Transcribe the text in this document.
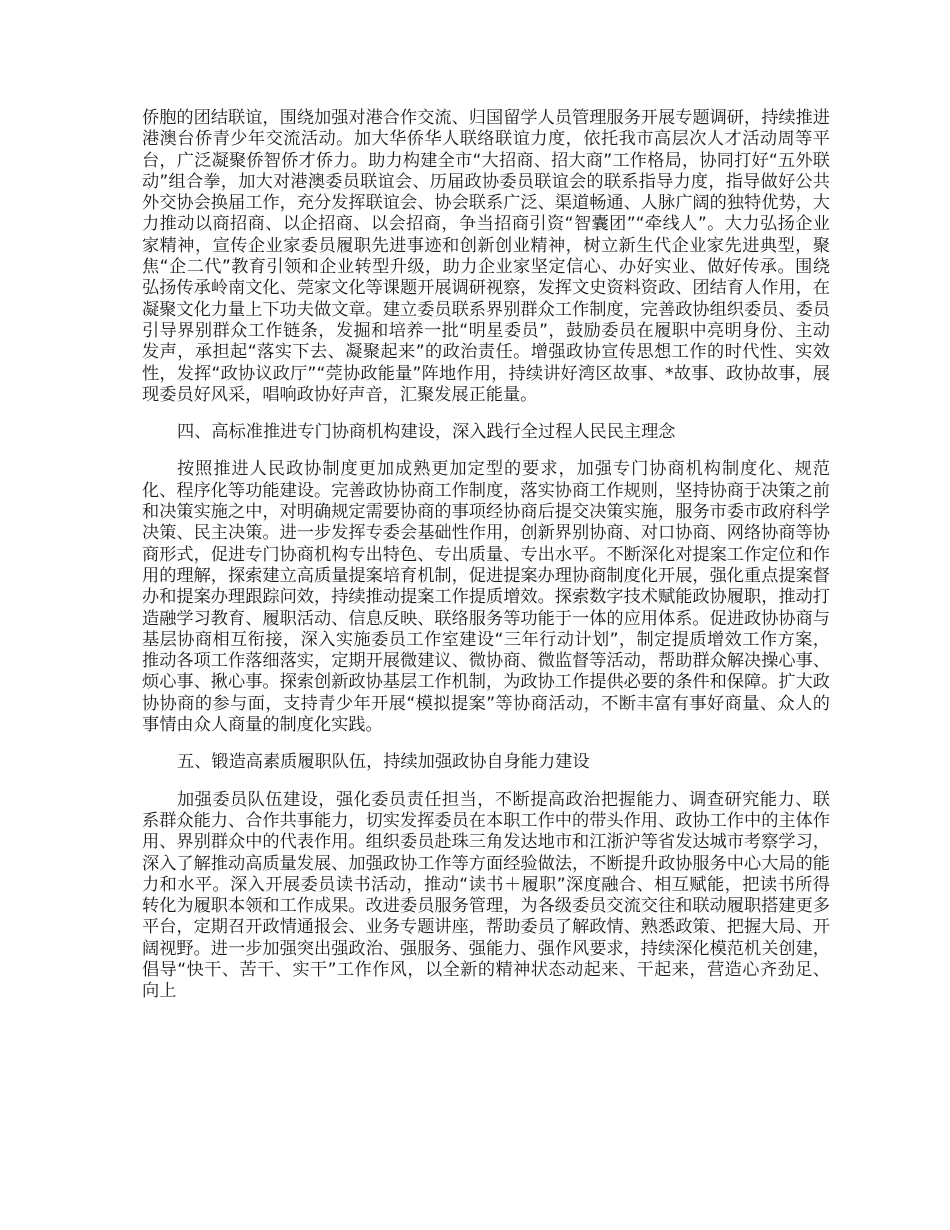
侨胞的团结联谊，围绕加强对港合作交流、归国留学人员管理服务开展专题调研，持续推进港澳台侨青少年交流活动。加大华侨华人联络联谊力度，依托我市高层次人才活动周等平台，广泛凝聚侨智侨才侨力。助力构建全市“大招商、招大商”工作格局，协同打好“五外联动”组合拳，加大对港澳委员联谊会、历届政协委员联谊会的联系指导力度，指导做好公共外交协会换届工作，充分发挥联谊会、协会联系广泛、渠道畅通、人脉广阔的独特优势，大力推动以商招商、以企招商、以会招商，争当招商引资“智囊团”“牵线人”。大力弘扬企业家精神，宣传企业家委员履职先进事迹和创新创业精神，树立新生代企业家先进典型，聚焦“企二代”教育引领和企业转型升级，助力企业家坚定信心、办好实业、做好传承。围绕弘扬传承岭南文化、莞家文化等课题开展调研视察，发挥文史资料资政、团结育人作用，在凝聚文化力量上下功夫做文章。建立委员联系界别群众工作制度，完善政协组织委员、委员引导界别群众工作链条，发掘和培养一批“明星委员”，鼓励委员在履职中亮明身份、主动发声，承担起“落实下去、凝聚起来”的政治责任。增强政协宣传思想工作的时代性、实效性，发挥“政协议政厅”“莞协政能量”阵地作用，持续讲好湾区故事、*故事、政协故事，展现委员好风采，唱响政协好声音，汇聚发展正能量。

四、高标准推进专门协商机构建设，深入践行全过程人民民主理念

按照推进人民政协制度更加成熟更加定型的要求，加强专门协商机构制度化、规范化、程序化等功能建设。完善政协协商工作制度，落实协商工作规则，坚持协商于决策之前和决策实施之中，对明确规定需要协商的事项经协商后提交决策实施，服务市委市政府科学决策、民主决策。进一步发挥专委会基础性作用，创新界别协商、对口协商、网络协商等协商形式，促进专门协商机构专出特色、专出质量、专出水平。不断深化对提案工作定位和作用的理解，探索建立高质量提案培育机制，促进提案办理协商制度化开展，强化重点提案督办和提案办理跟踪问效，持续推动提案工作提质增效。探索数字技术赋能政协履职，推动打造融学习教育、履职活动、信息反映、联络服务等功能于一体的应用体系。促进政协协商与基层协商相互衔接，深入实施委员工作室建设“三年行动计划”，制定提质增效工作方案，推动各项工作落细落实，定期开展微建议、微协商、微监督等活动，帮助群众解决操心事、烦心事、揪心事。探索创新政协基层工作机制，为政协工作提供必要的条件和保障。扩大政协协商的参与面，支持青少年开展“模拟提案”等协商活动，不断丰富有事好商量、众人的事情由众人商量的制度化实践。

五、锻造高素质履职队伍，持续加强政协自身能力建设

加强委员队伍建设，强化委员责任担当，不断提高政治把握能力、调查研究能力、联系群众能力、合作共事能力，切实发挥委员在本职工作中的带头作用、政协工作中的主体作用、界别群众中的代表作用。组织委员赴珠三角发达地市和江浙沪等省发达城市考察学习，深入了解推动高质量发展、加强政协工作等方面经验做法，不断提升政协服务中心大局的能力和水平。深入开展委员读书活动，推动“读书＋履职”深度融合、相互赋能，把读书所得转化为履职本领和工作成果。改进委员服务管理，为各级委员交流交往和联动履职搭建更多平台，定期召开政情通报会、业务专题讲座，帮助委员了解政情、熟悉政策、把握大局、开阔视野。进一步加强突出强政治、强服务、强能力、强作风要求，持续深化模范机关创建，倡导“快干、苦干、实干”工作作风，以全新的精神状态动起来、干起来，营造心齐劲足、向上
